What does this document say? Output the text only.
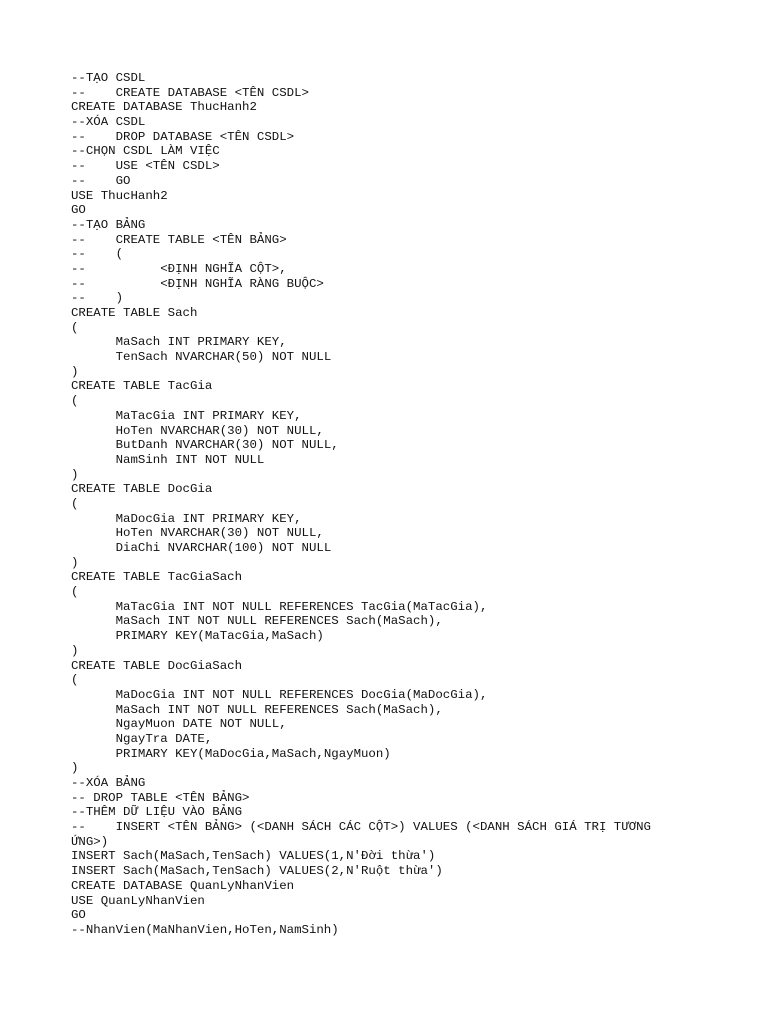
--TẠO CSDL
--	CREATE DATABASE <TÊN CSDL>
CREATE DATABASE ThucHanh2
--XÓA CSDL
--	DROP DATABASE <TÊN CSDL>
--CHỌN CSDL LÀM VIỆC
--	USE <TÊN CSDL>
--	GO
USE ThucHanh2
GO
--TẠO BẢNG
--	CREATE TABLE <TÊN BẢNG>
--	(
--		<ĐỊNH NGHĨA CỘT>,
--		<ĐỊNH NGHĨA RÀNG BUỘC>
--	)
CREATE TABLE Sach
(
	MaSach INT PRIMARY KEY,
	TenSach NVARCHAR(50) NOT NULL
)
CREATE TABLE TacGia
(
	MaTacGia INT PRIMARY KEY,
	HoTen NVARCHAR(30) NOT NULL,
	ButDanh NVARCHAR(30) NOT NULL,
	NamSinh INT NOT NULL
)
CREATE TABLE DocGia
(
	MaDocGia INT PRIMARY KEY,
	HoTen NVARCHAR(30) NOT NULL,
	DiaChi NVARCHAR(100) NOT NULL
)
CREATE TABLE TacGiaSach
(
	MaTacGia INT NOT NULL REFERENCES TacGia(MaTacGia),
	MaSach INT NOT NULL REFERENCES Sach(MaSach),
	PRIMARY KEY(MaTacGia,MaSach)
)
CREATE TABLE DocGiaSach
(
	MaDocGia INT NOT NULL REFERENCES DocGia(MaDocGia),
	MaSach INT NOT NULL REFERENCES Sach(MaSach),
	NgayMuon DATE NOT NULL,
	NgayTra DATE,
	PRIMARY KEY(MaDocGia,MaSach,NgayMuon)
)
--XÓA BẢNG
-- DROP TABLE <TÊN BẢNG>
--THÊM DỮ LIỆU VÀO BẢNG
--	INSERT <TÊN BẢNG> (<DANH SÁCH CÁC CỘT>) VALUES (<DANH SÁCH GIÁ TRỊ TƯƠNG
ỨNG>)
INSERT Sach(MaSach,TenSach) VALUES(1,N'Đời thừa')
INSERT Sach(MaSach,TenSach) VALUES(2,N'Ruột thừa')
CREATE DATABASE QuanLyNhanVien
USE QuanLyNhanVien
GO
--NhanVien(MaNhanVien,HoTen,NamSinh)
